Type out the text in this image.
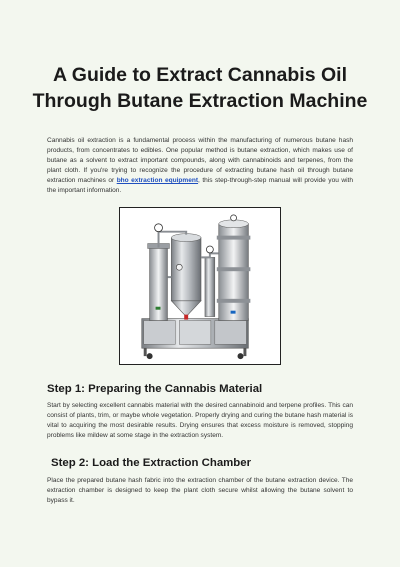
A Guide to Extract Cannabis Oil Through Butane Extraction Machine

Cannabis oil extraction is a fundamental process within the manufacturing of numerous butane hash products, from concentrates to edibles. One popular method is butane extraction, which makes use of butane as a solvent to extract important compounds, along with cannabinoids and terpenes, from the plant cloth. If you're trying to recognize the procedure of extracting butane hash oil through butane extraction machines or bho extraction equipment, this step-through-step manual will provide you with the important information.

Step 1: Preparing the Cannabis Material

Start by selecting excellent cannabis material with the desired cannabinoid and terpene profiles. This can consist of plants, trim, or maybe whole vegetation. Properly drying and curing the butane hash material is vital to acquiring the most desirable results. Drying ensures that excess moisture is removed, stopping problems like mildew at some stage in the extraction system.

Step 2: Load the Extraction Chamber

Place the prepared butane hash fabric into the extraction chamber of the butane extraction device. The extraction chamber is designed to keep the plant cloth secure whilst allowing the butane solvent to bypass it.
